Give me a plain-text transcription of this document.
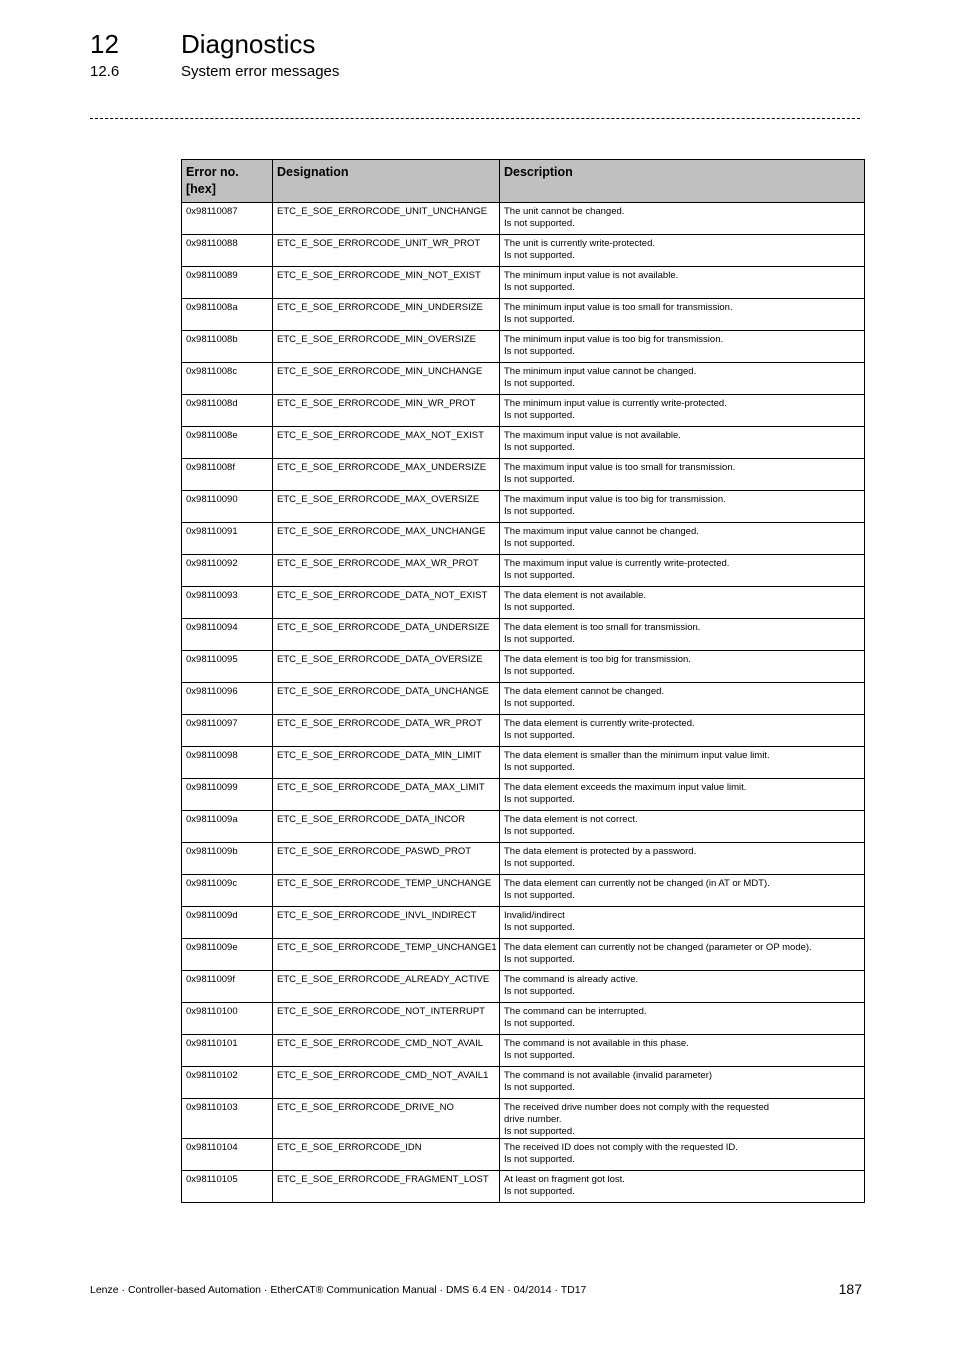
12 Diagnostics
12.6	System error messages
Error no. [hex]	Designation	Description
0x98110087	ETC_E_SOE_ERRORCODE_UNIT_UNCHANGE	The unit cannot be changed.
Is not supported.
0x98110088	ETC_E_SOE_ERRORCODE_UNIT_WR_PROT	The unit is currently write-protected.
Is not supported.
0x98110089	ETC_E_SOE_ERRORCODE_MIN_NOT_EXIST	The minimum input value is not available.
Is not supported.
0x9811008a	ETC_E_SOE_ERRORCODE_MIN_UNDERSIZE	The minimum input value is too small for transmission.
Is not supported.
0x9811008b	ETC_E_SOE_ERRORCODE_MIN_OVERSIZE	The minimum input value is too big for transmission.
Is not supported.
0x9811008c	ETC_E_SOE_ERRORCODE_MIN_UNCHANGE	The minimum input value cannot be changed.
Is not supported.
0x9811008d	ETC_E_SOE_ERRORCODE_MIN_WR_PROT	The minimum input value is currently write-protected.
Is not supported.
0x9811008e	ETC_E_SOE_ERRORCODE_MAX_NOT_EXIST	The maximum input value is not available.
Is not supported.
0x9811008f	ETC_E_SOE_ERRORCODE_MAX_UNDERSIZE	The maximum input value is too small for transmission.
Is not supported.
0x98110090	ETC_E_SOE_ERRORCODE_MAX_OVERSIZE	The maximum input value is too big for transmission.
Is not supported.
0x98110091	ETC_E_SOE_ERRORCODE_MAX_UNCHANGE	The maximum input value cannot be changed.
Is not supported.
0x98110092	ETC_E_SOE_ERRORCODE_MAX_WR_PROT	The maximum input value is currently write-protected.
Is not supported.
0x98110093	ETC_E_SOE_ERRORCODE_DATA_NOT_EXIST	The data element is not available.
Is not supported.
0x98110094	ETC_E_SOE_ERRORCODE_DATA_UNDERSIZE	The data element is too small for transmission.
Is not supported.
0x98110095	ETC_E_SOE_ERRORCODE_DATA_OVERSIZE	The data element is too big for transmission.
Is not supported.
0x98110096	ETC_E_SOE_ERRORCODE_DATA_UNCHANGE	The data element cannot be changed.
Is not supported.
0x98110097	ETC_E_SOE_ERRORCODE_DATA_WR_PROT	The data element is currently write-protected.
Is not supported.
0x98110098	ETC_E_SOE_ERRORCODE_DATA_MIN_LIMIT	The data element is smaller than the minimum input value limit.
Is not supported.
0x98110099	ETC_E_SOE_ERRORCODE_DATA_MAX_LIMIT	The data element exceeds the maximum input value limit.
Is not supported.
0x9811009a	ETC_E_SOE_ERRORCODE_DATA_INCOR	The data element is not correct.
Is not supported.
0x9811009b	ETC_E_SOE_ERRORCODE_PASWD_PROT	The data element is protected by a password.
Is not supported.
0x9811009c	ETC_E_SOE_ERRORCODE_TEMP_UNCHANGE	The data element can currently not be changed (in AT or MDT).
Is not supported.
0x9811009d	ETC_E_SOE_ERRORCODE_INVL_INDIRECT	Invalid/indirect
Is not supported.
0x9811009e	ETC_E_SOE_ERRORCODE_TEMP_UNCHANGE1	The data element can currently not be changed (parameter or OP mode).
Is not supported.
0x9811009f	ETC_E_SOE_ERRORCODE_ALREADY_ACTIVE	The command is already active.
Is not supported.
0x98110100	ETC_E_SOE_ERRORCODE_NOT_INTERRUPT	The command can be interrupted.
Is not supported.
0x98110101	ETC_E_SOE_ERRORCODE_CMD_NOT_AVAIL	The command is not available in this phase.
Is not supported.
0x98110102	ETC_E_SOE_ERRORCODE_CMD_NOT_AVAIL1	The command is not available (invalid parameter)
Is not supported.
0x98110103	ETC_E_SOE_ERRORCODE_DRIVE_NO	The received drive number does not comply with the requested
drive number.
Is not supported.
0x98110104	ETC_E_SOE_ERRORCODE_IDN	The received ID does not comply with the requested ID.
Is not supported.
0x98110105	ETC_E_SOE_ERRORCODE_FRAGMENT_LOST	At least on fragment got lost.
Is not supported.
Lenze · Controller-based Automation · EtherCAT® Communication Manual · DMS 6.4 EN · 04/2014 · TD17	187
